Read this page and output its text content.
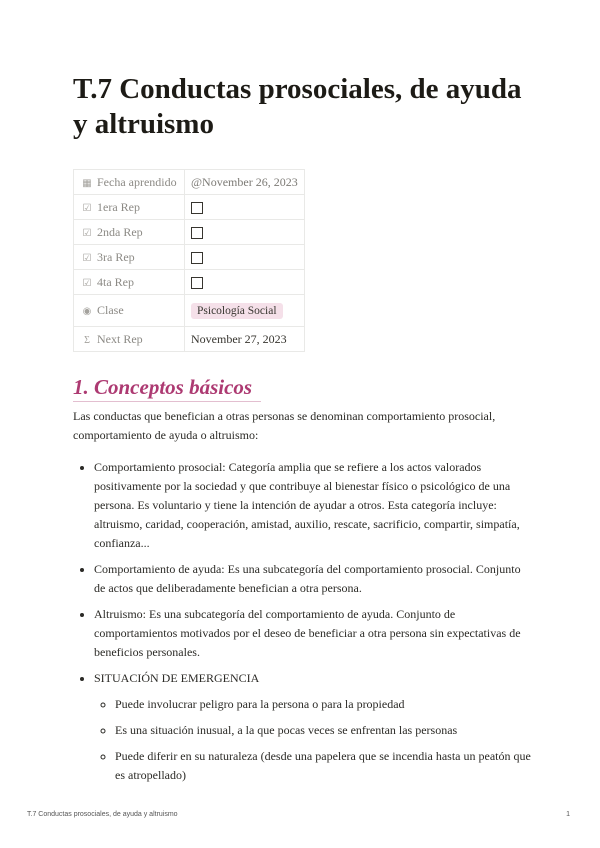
T.7 Conductas prosociales, de ayuda y altruismo
▦ Fecha aprendido	@November 26, 2023
☑ 1era Rep	
☑ 2nda Rep	
☑ 3ra Rep	
☑ 4ta Rep	
◉ Clase	Psicología Social
Σ Next Rep	November 27, 2023
1. Conceptos básicos

Las conductas que benefician a otras personas se denominan comportamiento prosocial, comportamiento de ayuda o altruismo:

• Comportamiento prosocial: Categoría amplia que se refiere a los actos valorados positivamente por la sociedad y que contribuye al bienestar físico o psicológico de una persona. Es voluntario y tiene la intención de ayudar a otros. Esta categoría incluye: altruismo, caridad, cooperación, amistad, auxilio, rescate, sacrificio, compartir, simpatía, confianza...
• Comportamiento de ayuda: Es una subcategoría del comportamiento prosocial. Conjunto de actos que deliberadamente benefician a otra persona.
• Altruismo: Es una subcategoría del comportamiento de ayuda. Conjunto de comportamientos motivados por el deseo de beneficiar a otra persona sin expectativas de beneficios personales.
• SITUACIÓN DE EMERGENCIA
◦ Puede involucrar peligro para la persona o para la propiedad
◦ Es una situación inusual, a la que pocas veces se enfrentan las personas
◦ Puede diferir en su naturaleza (desde una papelera que se incendia hasta un peatón que es atropellado)
T.7 Conductas prosociales, de ayuda y altruismo	1
